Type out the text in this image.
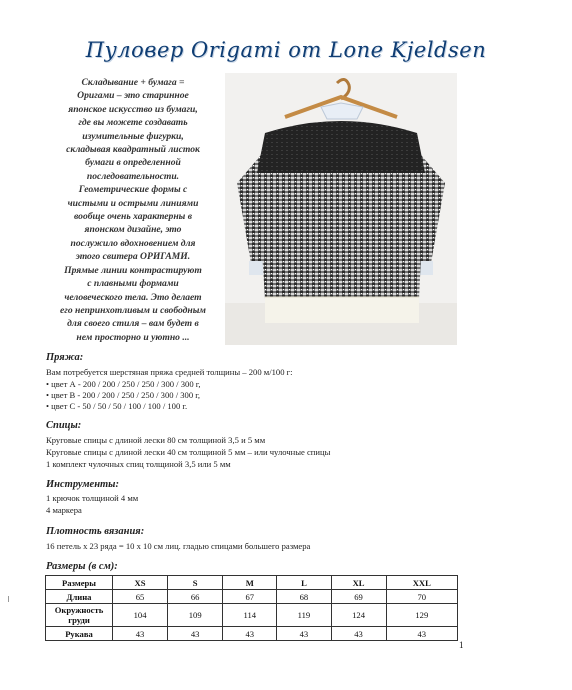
Пуловер Origami от Lone Kjeldsen
Складывание + бумага =
Оригами – это старинное
японское искусство из бумаги,
где вы можете создавать
изумительные фигурки,
складывая квадратный листок
бумаги в определенной
последовательности.
Геометрические формы с
чистыми и острыми линиями
вообще очень характерны в
японском дизайне, это
послужило вдохновением для
этого свитера ОРИГАМИ.
Прямые линии контрастируют
с плавными формами
человеческого тела. Это делает
его непринхотливым и свободным
для своего стиля – вам будет в
нем просторно и уютно ...
Пряжа:
Вам потребуется шерстяная пряжа средней толщины – 200 м/100 г:
• цвет А - 200 / 200 / 250 / 250 / 300 / 300 г,
• цвет В - 200 / 200 / 250 / 250 / 300 / 300 г,
• цвет С - 50 / 50 / 50 / 100 / 100 / 100 г.
Спицы:
Круговые спицы с длиной лески 80 см толщиной 3,5 и 5 мм
Круговые спицы с длиной лески 40 см толщиной 5 мм – или чулочные спицы
1 комплект чулочных спиц толщиной 3,5 или 5 мм
Инструменты:
1 крючок толщиной 4 мм
4 маркера
Плотность вязания:
16 петель х 23 ряда = 10 х 10 см лиц. гладью спицами большего размера
Размеры (в см):
Размеры	XS	S	M	L	XL	XXL
Длина	65	66	67	68	69	70
Окружность груди	104	109	114	119	124	129
Рукава	43	43	43	43	43	43
1
